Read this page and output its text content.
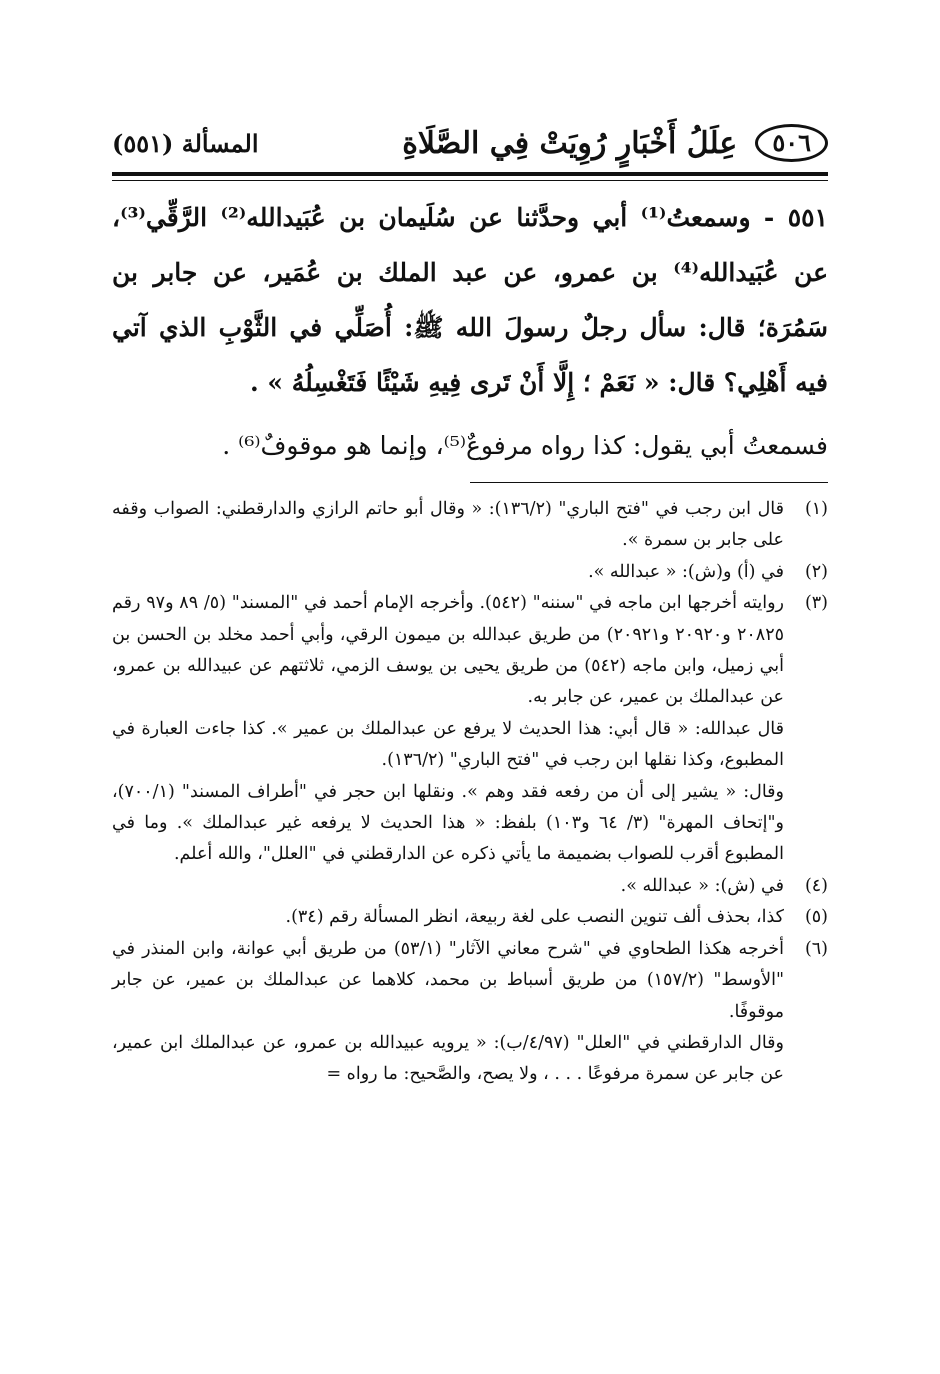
٥٠٦
عِلَلُ أَخْبَارٍ رُوِيَتْ فِي الصَّلَاةِ
المسألة (٥٥١)

٥٥١ - وسمعتُ⁽¹⁾ أبي وحدَّثنا عن سُلَيمان بن عُبَيدالله⁽²⁾ الرَّقِّي⁽³⁾، عن عُبَيدالله⁽⁴⁾ بن عمرو، عن عبد الملك بن عُمَير، عن جابر بن سَمُرَة؛ قال: سأل رجلٌ رسولَ الله ﷺ: أُصَلِّي في الثَّوْبِ الذي آتي فيه أَهْلِي؟ قال: « نَعَمْ ؛ إِلَّا أَنْ تَرى فِيهِ شَيْئًا فَتَغْسِلُهُ » .

فسمعتُ أبي يقول: كذا رواه مرفوعٌ⁽⁵⁾، وإنما هو موقوفٌ⁽⁶⁾ .

(١)
قال ابن رجب في "فتح الباري" (١٣٦/٢): « وقال أبو حاتم الرازي والدارقطني: الصواب وقفه على جابر بن سمرة ».
(٢)
في (أ) و(ش): « عبدالله ».
(٣)
روايته أخرجها ابن ماجه في "سننه" (٥٤٢). وأخرجه الإمام أحمد في "المسند" (٥/ ٨٩ و٩٧ رقم ٢٠٨٢٥ و٢٠٩٢٠ و٢٠٩٢١) من طريق عبدالله بن ميمون الرقي، وأبي أحمد مخلد بن الحسن بن أبي زميل، وابن ماجه (٥٤٢) من طريق يحيى بن يوسف الزمي، ثلاثتهم عن عبيدالله بن عمرو، عن عبدالملك بن عمير، عن جابر به.
قال عبدالله: « قال أبي: هذا الحديث لا يرفع عن عبدالملك بن عمير ». كذا جاءت العبارة في المطبوع، وكذا نقلها ابن رجب في "فتح الباري" (١٣٦/٢).
وقال: « يشير إلى أن من رفعه فقد وهم ». ونقلها ابن حجر في "أطراف المسند" (٧٠٠/١)، و"إتحاف المهرة" (٣/ ٦٤ و١٠٣) بلفظ: « هذا الحديث لا يرفعه غير عبدالملك ». وما في المطبوع أقرب للصواب بضميمة ما يأتي ذكره عن الدارقطني في "العلل"، والله أعلم.
(٤)
في (ش): « عبدالله ».
(٥)
كذا، بحذف ألف تنوين النصب على لغة ربيعة، انظر المسألة رقم (٣٤).
(٦)
أخرجه هكذا الطحاوي في "شرح معاني الآثار" (٥٣/١) من طريق أبي عوانة، وابن المنذر في "الأوسط" (١٥٧/٢) من طريق أسباط بن محمد، كلاهما عن عبدالملك بن عمير، عن جابر موقوفًا.
وقال الدارقطني في "العلل" (٤/٩٧/ب): « يرويه عبيدالله بن عمرو، عن عبدالملك ابن عمير، عن جابر عن سمرة مرفوعًا . . . ، ولا يصح، والصَّحيح: ما رواه =
